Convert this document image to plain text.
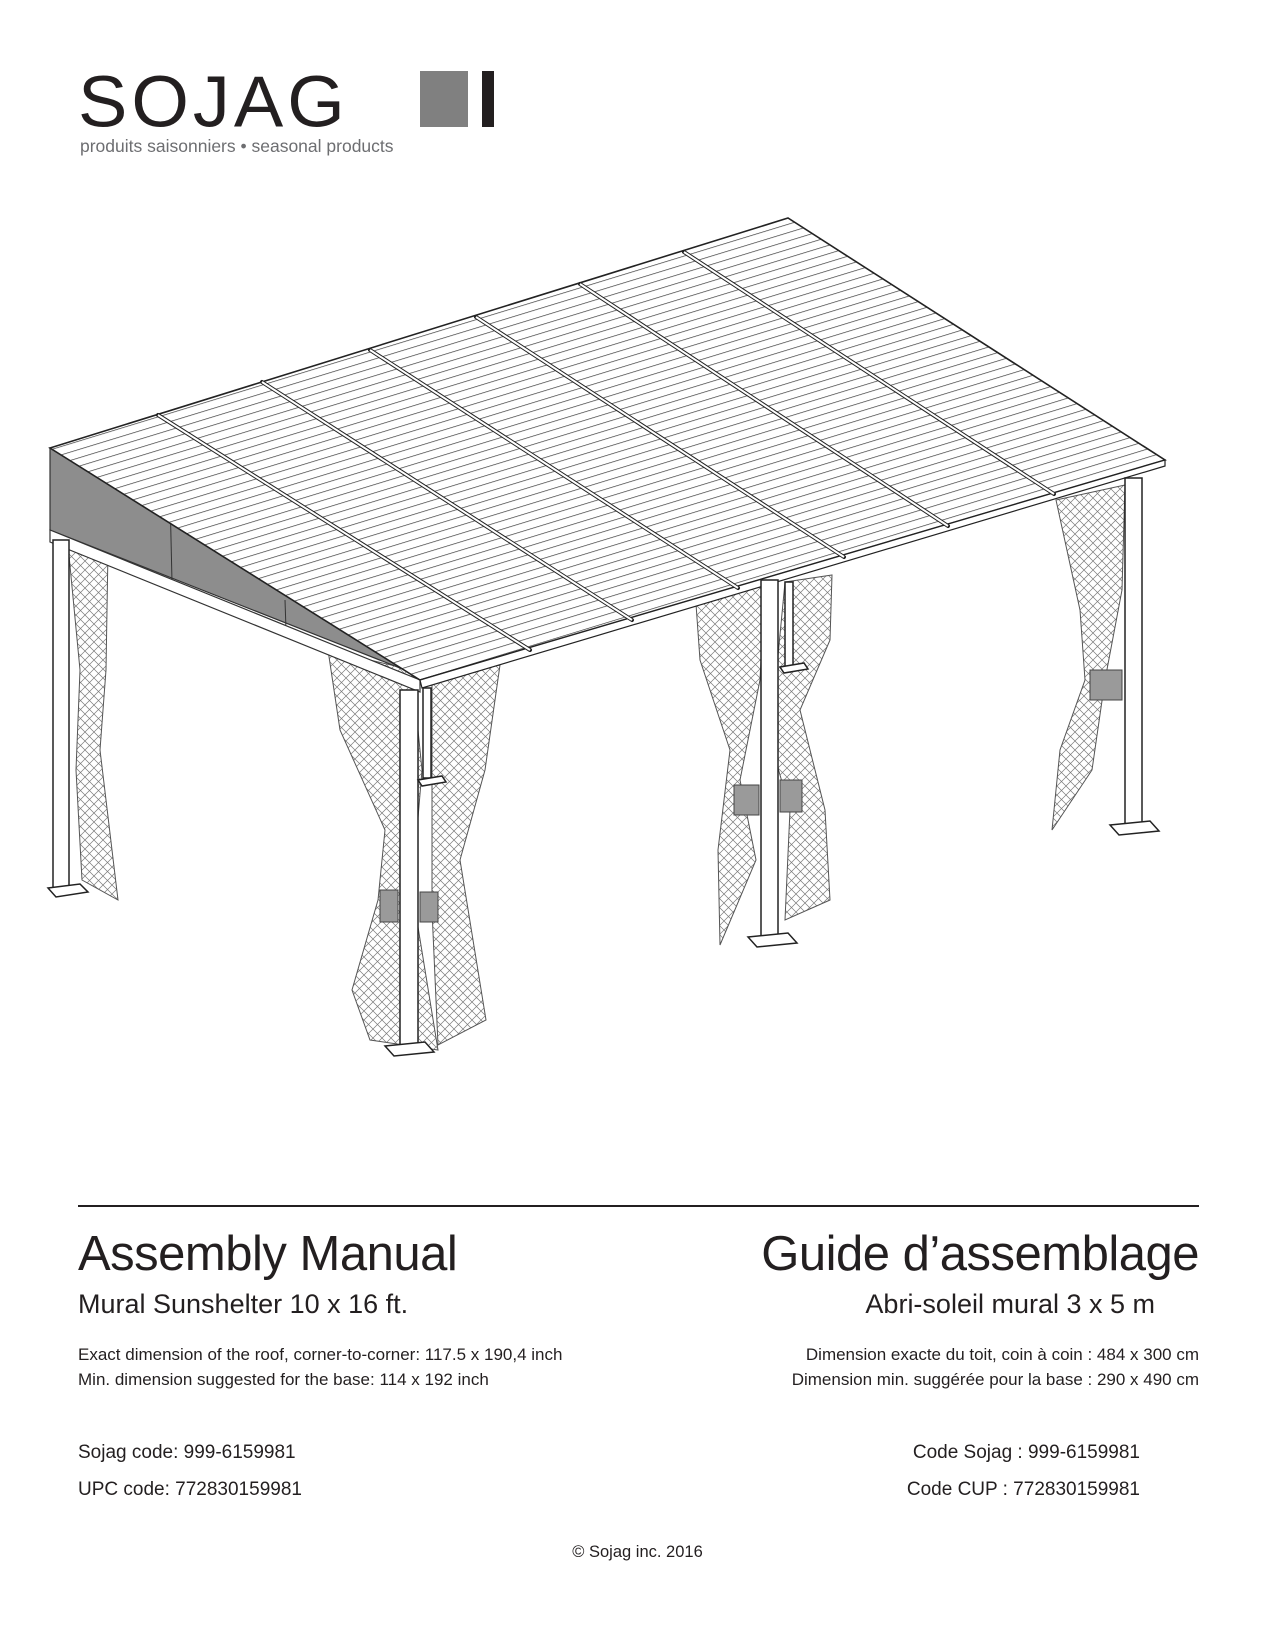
SOJAG
produits saisonniers • seasonal products
Assembly Manual
Mural Sunshelter 10 x 16 ft.
Exact dimension of the roof, corner-to-corner: 117.5 x 190,4 inch
Min. dimension suggested for the base: 114 x 192 inch
Sojag code: 999-6159981
UPC code: 772830159981
Guide d’assemblage
Abri-soleil mural 3 x 5 m
Dimension exacte du toit, coin à coin : 484 x 300 cm
Dimension min. suggérée pour la base : 290 x 490 cm
Code Sojag : 999-6159981
Code CUP : 772830159981
© Sojag inc. 2016
